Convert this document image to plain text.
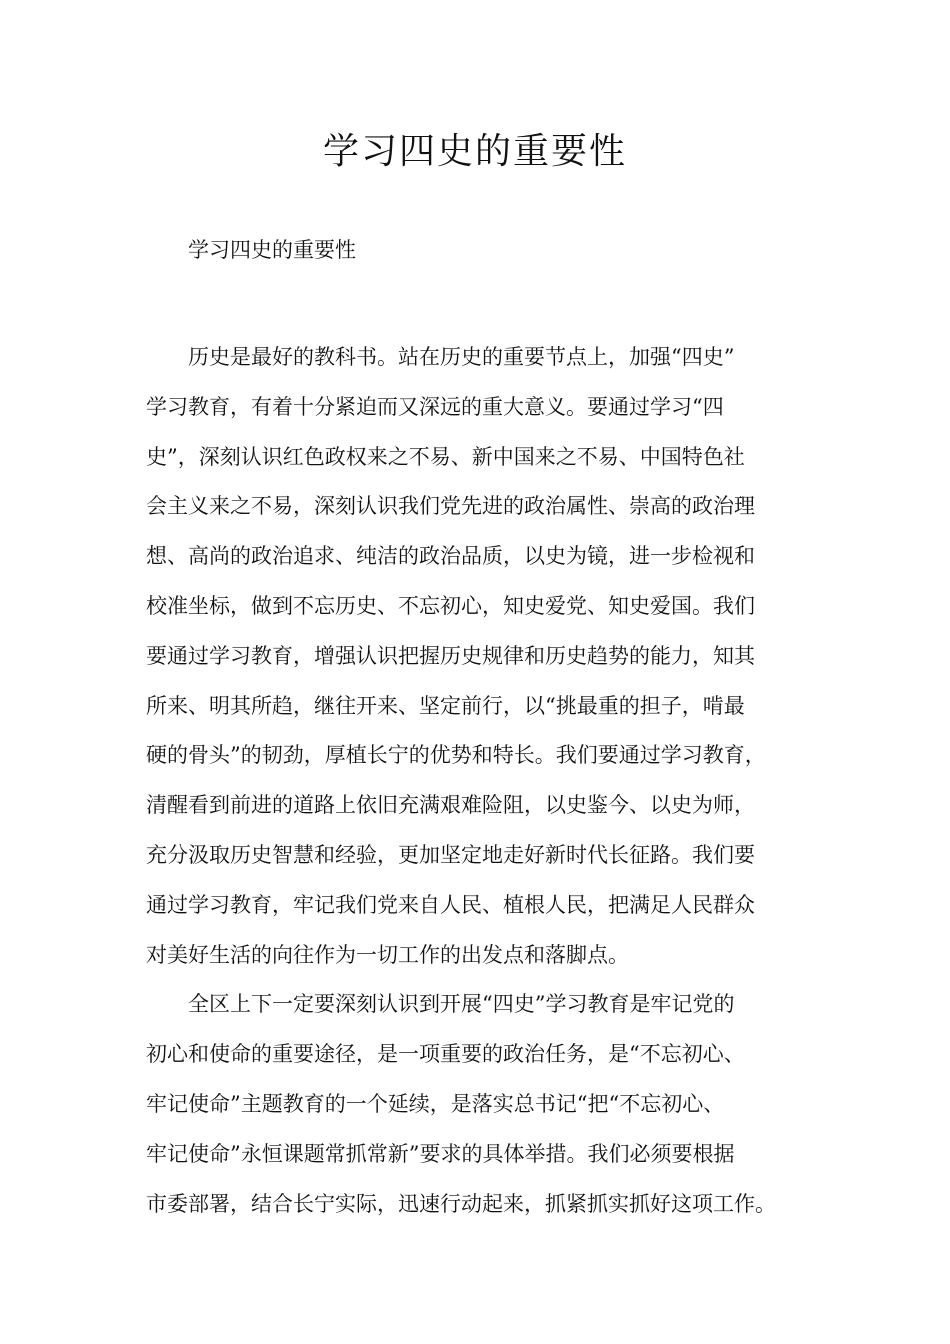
学习四史的重要性
学习四史的重要性
历史是最好的教科书。站在历史的重要节点上，加强“四史”
学习教育，有着十分紧迫而又深远的重大意义。要通过学习“四
史”，深刻认识红色政权来之不易、新中国来之不易、中国特色社
会主义来之不易，深刻认识我们党先进的政治属性、崇高的政治理
想、高尚的政治追求、纯洁的政治品质，以史为镜，进一步检视和
校准坐标，做到不忘历史、不忘初心，知史爱党、知史爱国。我们
要通过学习教育，增强认识把握历史规律和历史趋势的能力，知其
所来、明其所趋，继往开来、坚定前行，以“挑最重的担子，啃最
硬的骨头”的韧劲，厚植长宁的优势和特长。我们要通过学习教育，
清醒看到前进的道路上依旧充满艰难险阻，以史鉴今、以史为师，
充分汲取历史智慧和经验，更加坚定地走好新时代长征路。我们要
通过学习教育，牢记我们党来自人民、植根人民，把满足人民群众
对美好生活的向往作为一切工作的出发点和落脚点。
全区上下一定要深刻认识到开展“四史”学习教育是牢记党的
初心和使命的重要途径，是一项重要的政治任务，是“不忘初心、
牢记使命”主题教育的一个延续，是落实总书记“把“不忘初心、
牢记使命”永恒课题常抓常新”要求的具体举措。我们必须要根据
市委部署，结合长宁实际，迅速行动起来，抓紧抓实抓好这项工作。
